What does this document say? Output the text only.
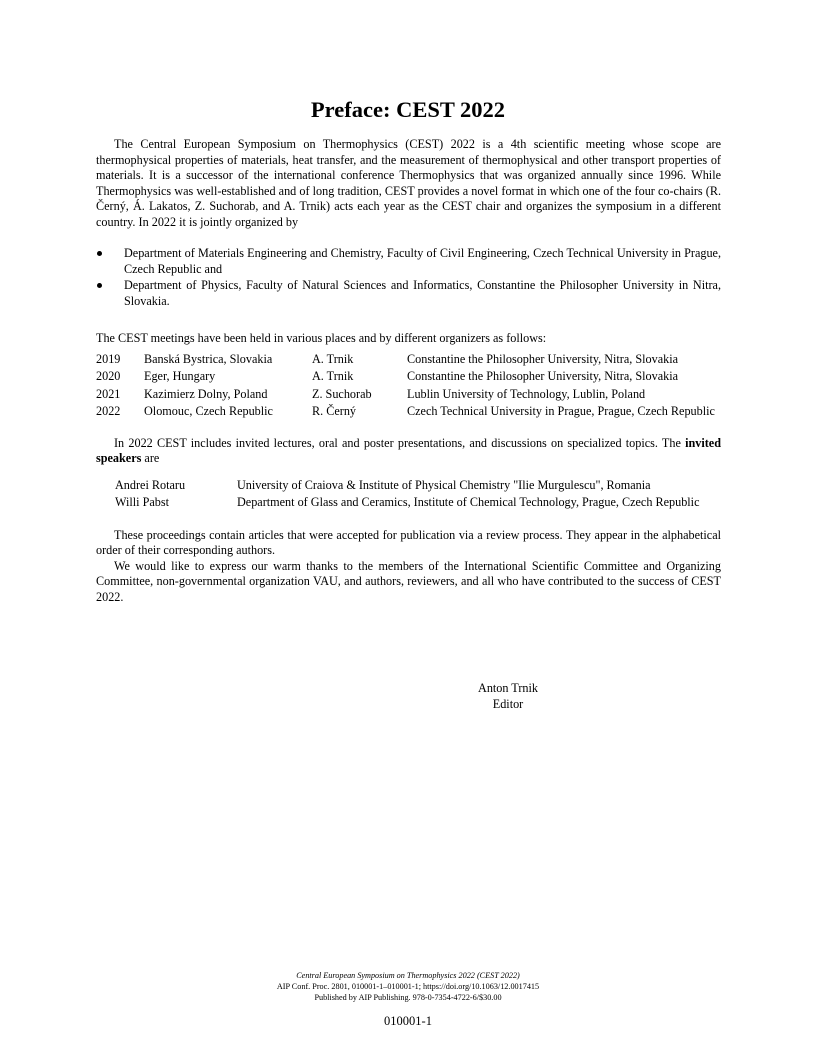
Preface: CEST 2022

The Central European Symposium on Thermophysics (CEST) 2022 is a 4th scientific meeting whose scope are thermophysical properties of materials, heat transfer, and the measurement of thermophysical and other transport properties of materials. It is a successor of the international conference Thermophysics that was organized annually since 1996. While Thermophysics was well-established and of long tradition, CEST provides a novel format in which one of the four co-chairs (R. Černý, Á. Lakatos, Z. Suchorab, and A. Trnik) acts each year as the CEST chair and organizes the symposium in a different country. In 2022 it is jointly organized by

Department of Materials Engineering and Chemistry, Faculty of Civil Engineering, Czech Technical University in Prague, Czech Republic and
Department of Physics, Faculty of Natural Sciences and Informatics, Constantine the Philosopher University in Nitra, Slovakia.

The CEST meetings have been held in various places and by different organizers as follows:

2019	Banská Bystrica, Slovakia	A. Trnik	Constantine the Philosopher University, Nitra, Slovakia
2020	Eger, Hungary	A. Trnik	Constantine the Philosopher University, Nitra, Slovakia
2021	Kazimierz Dolny, Poland	Z. Suchorab	Lublin University of Technology, Lublin, Poland
2022	Olomouc, Czech Republic	R. Černý	Czech Technical University in Prague, Prague, Czech Republic

In 2022 CEST includes invited lectures, oral and poster presentations, and discussions on specialized topics. The invited speakers are

Andrei Rotaru	University of Craiova & Institute of Physical Chemistry "Ilie Murgulescu", Romania
Willi Pabst	Department of Glass and Ceramics, Institute of Chemical Technology, Prague, Czech Republic

These proceedings contain articles that were accepted for publication via a review process. They appear in the alphabetical order of their corresponding authors.

We would like to express our warm thanks to the members of the International Scientific Committee and Organizing Committee, non-governmental organization VAU, and authors, reviewers, and all who have contributed to the success of CEST 2022.

Anton Trnik
Editor
Central European Symposium on Thermophysics 2022 (CEST 2022)
AIP Conf. Proc. 2801, 010001-1–010001-1; https://doi.org/10.1063/12.0017415
Published by AIP Publishing. 978-0-7354-4722-6/$30.00
010001-1
